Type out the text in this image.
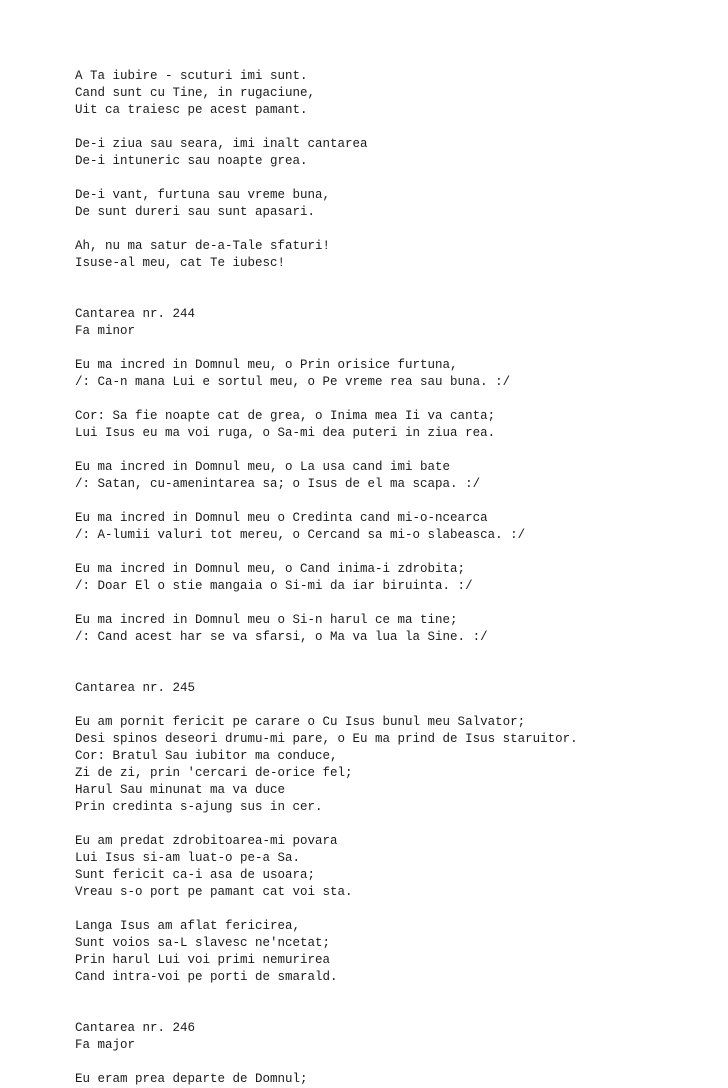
A Ta iubire - scuturi imi sunt.
Cand sunt cu Tine, in rugaciune,
Uit ca traiesc pe acest pamant.
De-i ziua sau seara, imi inalt cantarea
De-i intuneric sau noapte grea.
De-i vant, furtuna sau vreme buna,
De sunt dureri sau sunt apasari.
Ah, nu ma satur de-a-Tale sfaturi!
Isuse-al meu, cat Te iubesc!
Cantarea nr. 244
Fa minor
Eu ma incred in Domnul meu, o Prin orisice furtuna,
/: Ca-n mana Lui e sortul meu, o Pe vreme rea sau buna. :/
Cor: Sa fie noapte cat de grea, o Inima mea Ii va canta;
Lui Isus eu ma voi ruga, o Sa-mi dea puteri in ziua rea.
Eu ma incred in Domnul meu, o La usa cand imi bate
/: Satan, cu-amenintarea sa; o Isus de el ma scapa. :/
Eu ma incred in Domnul meu o Credinta cand mi-o-ncearca
/: A-lumii valuri tot mereu, o Cercand sa mi-o slabeasca. :/
Eu ma incred in Domnul meu, o Cand inima-i zdrobita;
/: Doar El o stie mangaia o Si-mi da iar biruinta. :/
Eu ma incred in Domnul meu o Si-n harul ce ma tine;
/: Cand acest har se va sfarsi, o Ma va lua la Sine. :/
Cantarea nr. 245
Eu am pornit fericit pe carare o Cu Isus bunul meu Salvator;
Desi spinos deseori drumu-mi pare, o Eu ma prind de Isus staruitor.
Cor: Bratul Sau iubitor ma conduce,
Zi de zi, prin 'cercari de-orice fel;
Harul Sau minunat ma va duce
Prin credinta s-ajung sus in cer.
Eu am predat zdrobitoarea-mi povara
Lui Isus si-am luat-o pe-a Sa.
Sunt fericit ca-i asa de usoara;
Vreau s-o port pe pamant cat voi sta.
Langa Isus am aflat fericirea,
Sunt voios sa-L slavesc ne'ncetat;
Prin harul Lui voi primi nemurirea
Cand intra-voi pe porti de smarald.
Cantarea nr. 246
Fa major
Eu eram prea departe de Domnul;
